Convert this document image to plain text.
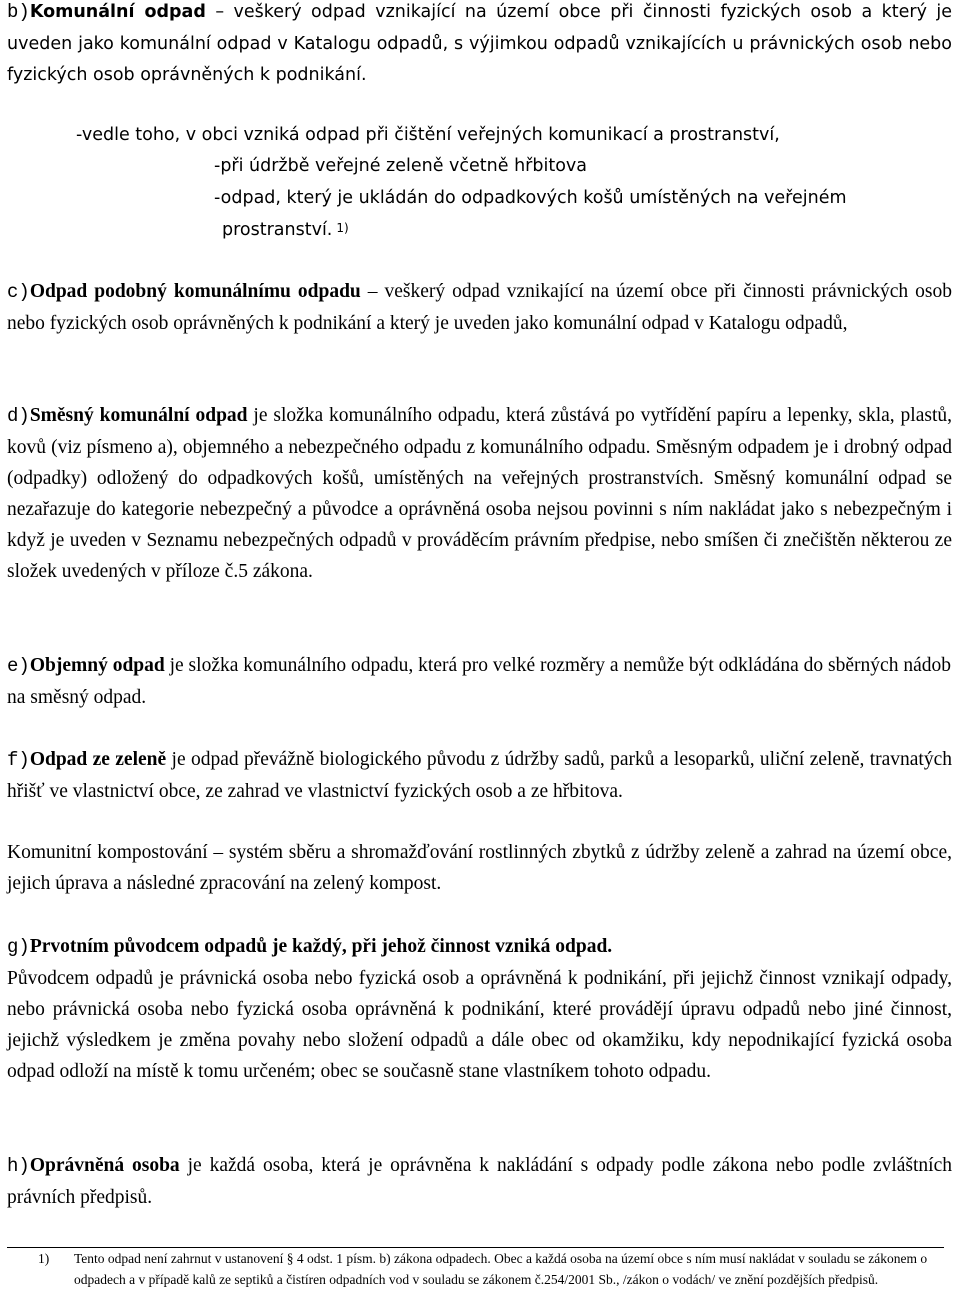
b)Komunální odpad – veškerý odpad vznikající na území obce při činnosti fyzických osob a který je uveden jako komunální odpad v Katalogu odpadů, s výjimkou odpadů vznikajících u právnických osob nebo fyzických osob oprávněných k podnikání.

-vedle toho, v obci vzniká odpad při čištění veřejných komunikací a prostranství,

-při údržbě veřejné zeleně včetně hřbitova

-odpad, který je ukládán do odpadkových košů umístěných na veřejném

prostranství. 1)

c)Odpad podobný komunálnímu odpadu – veškerý odpad vznikající na území obce při činnosti právnických osob nebo fyzických osob oprávněných k podnikání a který je uveden jako komunální odpad v Katalogu odpadů,

d)Směsný komunální odpad je složka komunálního odpadu, která zůstává po vytřídění papíru a lepenky, skla, plastů, kovů (viz písmeno a), objemného a nebezpečného odpadu z komunálního odpadu. Směsným odpadem je i drobný odpad (odpadky) odložený do odpadkových košů, umístěných na veřejných prostranstvích. Směsný komunální odpad se nezařazuje do kategorie nebezpečný a původce a oprávněná osoba nejsou povinni s ním nakládat jako s nebezpečným i když je uveden v Seznamu nebezpečných odpadů v prováděcím právním předpise, nebo smíšen či znečištěn některou ze složek uvedených v příloze č.5 zákona.

e)Objemný odpad je složka komunálního odpadu, která pro velké rozměry a nemůže být odkládána do sběrných nádob na směsný odpad.

f)Odpad ze zeleně je odpad převážně biologického původu z údržby sadů, parků a lesoparků, uliční zeleně, travnatých hřišť ve vlastnictví obce, ze zahrad ve vlastnictví fyzických osob a ze hřbitova.

Komunitní kompostování – systém sběru a shromažďování rostlinných zbytků z údržby zeleně a zahrad na území obce, jejich úprava a následné zpracování na zelený kompost.

g)Prvotním původcem odpadů je každý, při jehož činnost vzniká odpad.
Původcem odpadů je právnická osoba nebo fyzická osob a oprávněná k podnikání, při jejichž činnost vznikají odpady, nebo právnická osoba nebo fyzická osoba oprávněná k podnikání, které provádějí úpravu odpadů nebo jiné činnost, jejichž výsledkem je změna povahy nebo složení odpadů a dále obec od okamžiku, kdy nepodnikající fyzická osoba odpad odloží na místě k tomu určeném; obec se současně stane vlastníkem tohoto odpadu.

h)Oprávněná osoba je každá osoba, která je oprávněna k nakládání s odpady podle zákona nebo podle zvláštních právních předpisů.

1) Tento odpad není zahrnut v ustanovení § 4 odst. 1 písm. b) zákona odpadech. Obec a každá osoba na území obce s ním musí nakládat v souladu se zákonem o odpadech a v případě kalů ze septiků a čistíren odpadních vod v souladu se zákonem č.254/2001 Sb., /zákon o vodách/ ve znění pozdějších předpisů.
